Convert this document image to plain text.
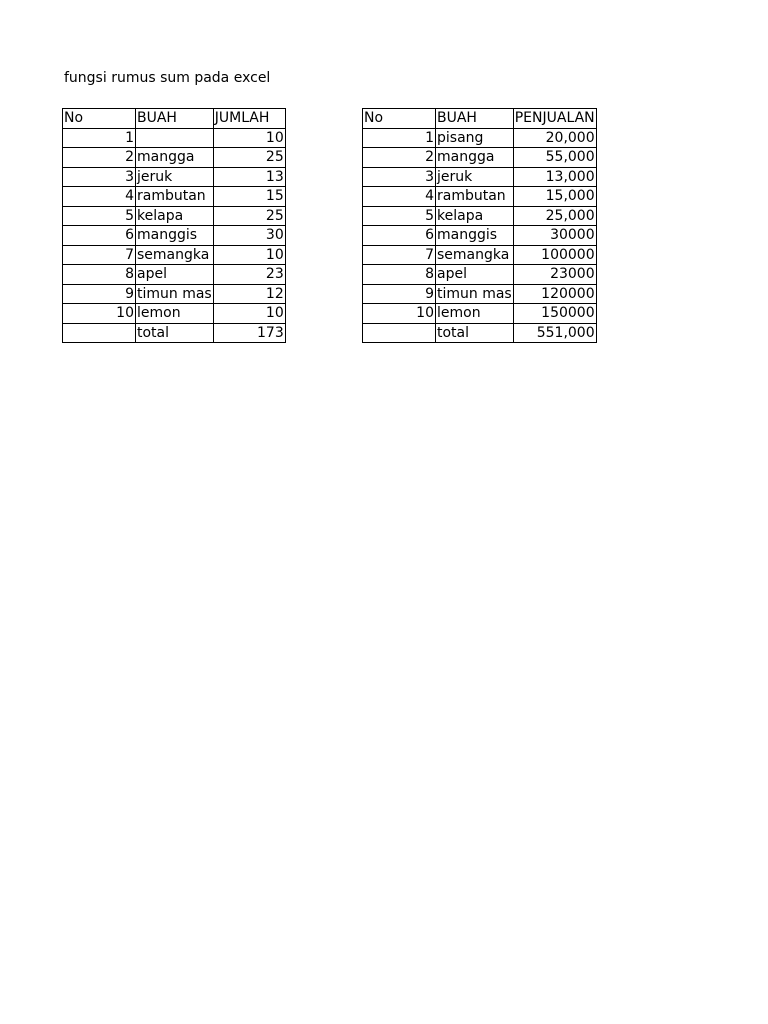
fungsi rumus sum pada excel
No	BUAH	JUMLAH
1		10
2	mangga	25
3	jeruk	13
4	rambutan	15
5	kelapa	25
6	manggis	30
7	semangka	10
8	apel	23
9	timun mas	12
10	lemon	10
	total	173
No	BUAH	PENJUALAN
1	pisang	20,000
2	mangga	55,000
3	jeruk	13,000
4	rambutan	15,000
5	kelapa	25,000
6	manggis	30000
7	semangka	100000
8	apel	23000
9	timun mas	120000
10	lemon	150000
	total	551,000
